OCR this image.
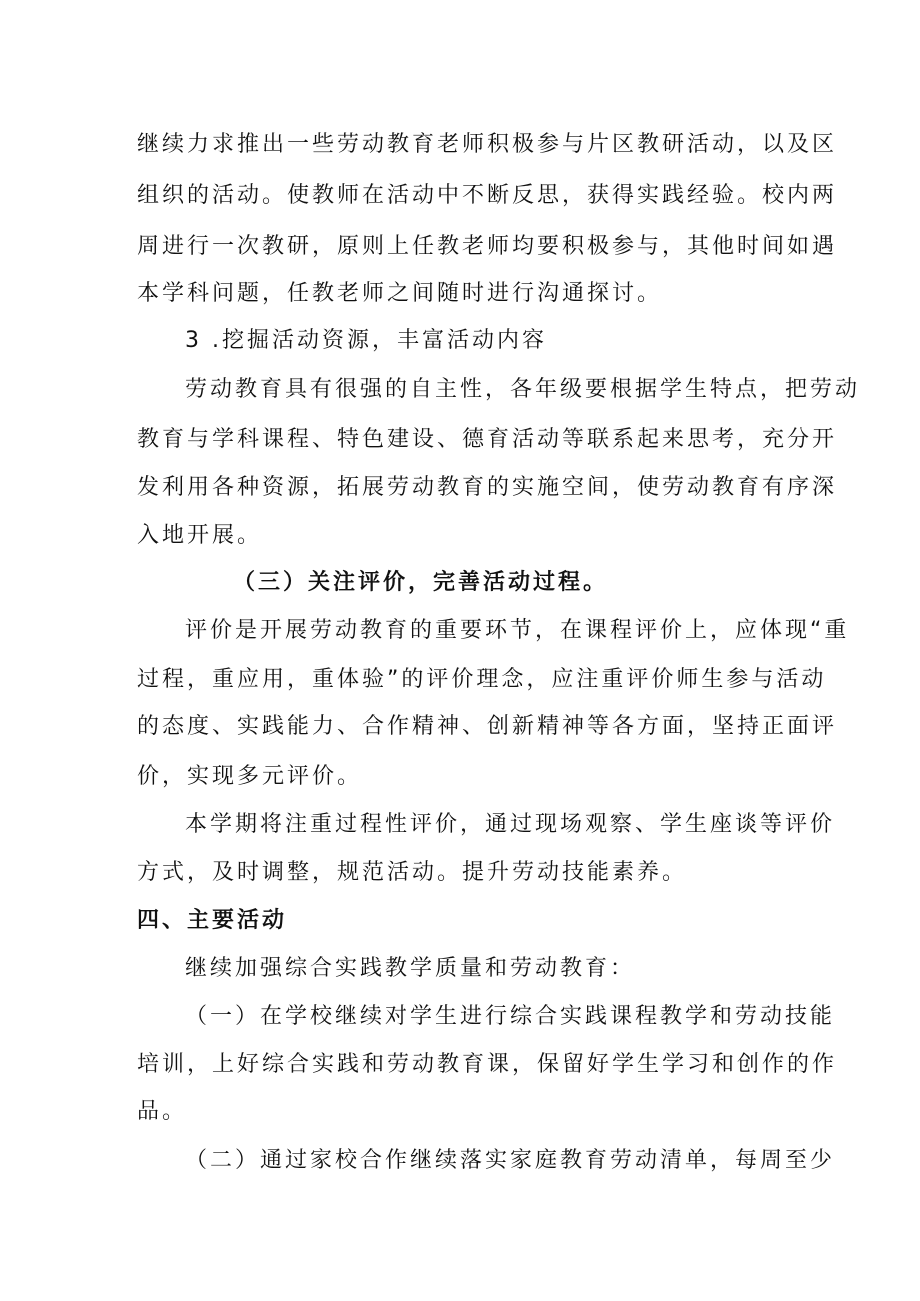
继续力求推出一些劳动教育老师积极参与片区教研活动，以及区
组织的活动。使教师在活动中不断反思，获得实践经验。校内两
周进行一次教研，原则上任教老师均要积极参与，其他时间如遇
本学科问题，任教老师之间随时进行沟通探讨。
3 .挖掘活动资源，丰富活动内容
劳动教育具有很强的自主性，各年级要根据学生特点，把劳动
教育与学科课程、特色建设、德育活动等联系起来思考，充分开
发利用各种资源，拓展劳动教育的实施空间，使劳动教育有序深
入地开展。
（三）关注评价，完善活动过程。
评价是开展劳动教育的重要环节，在课程评价上，应体现“重
过程，重应用，重体验”的评价理念，应注重评价师生参与活动
的态度、实践能力、合作精神、创新精神等各方面，坚持正面评
价，实现多元评价。
本学期将注重过程性评价，通过现场观察、学生座谈等评价
方式，及时调整，规范活动。提升劳动技能素养。
四、主要活动
继续加强综合实践教学质量和劳动教育：
（一）在学校继续对学生进行综合实践课程教学和劳动技能
培训，上好综合实践和劳动教育课，保留好学生学习和创作的作
品。
（二）通过家校合作继续落实家庭教育劳动清单，每周至少
